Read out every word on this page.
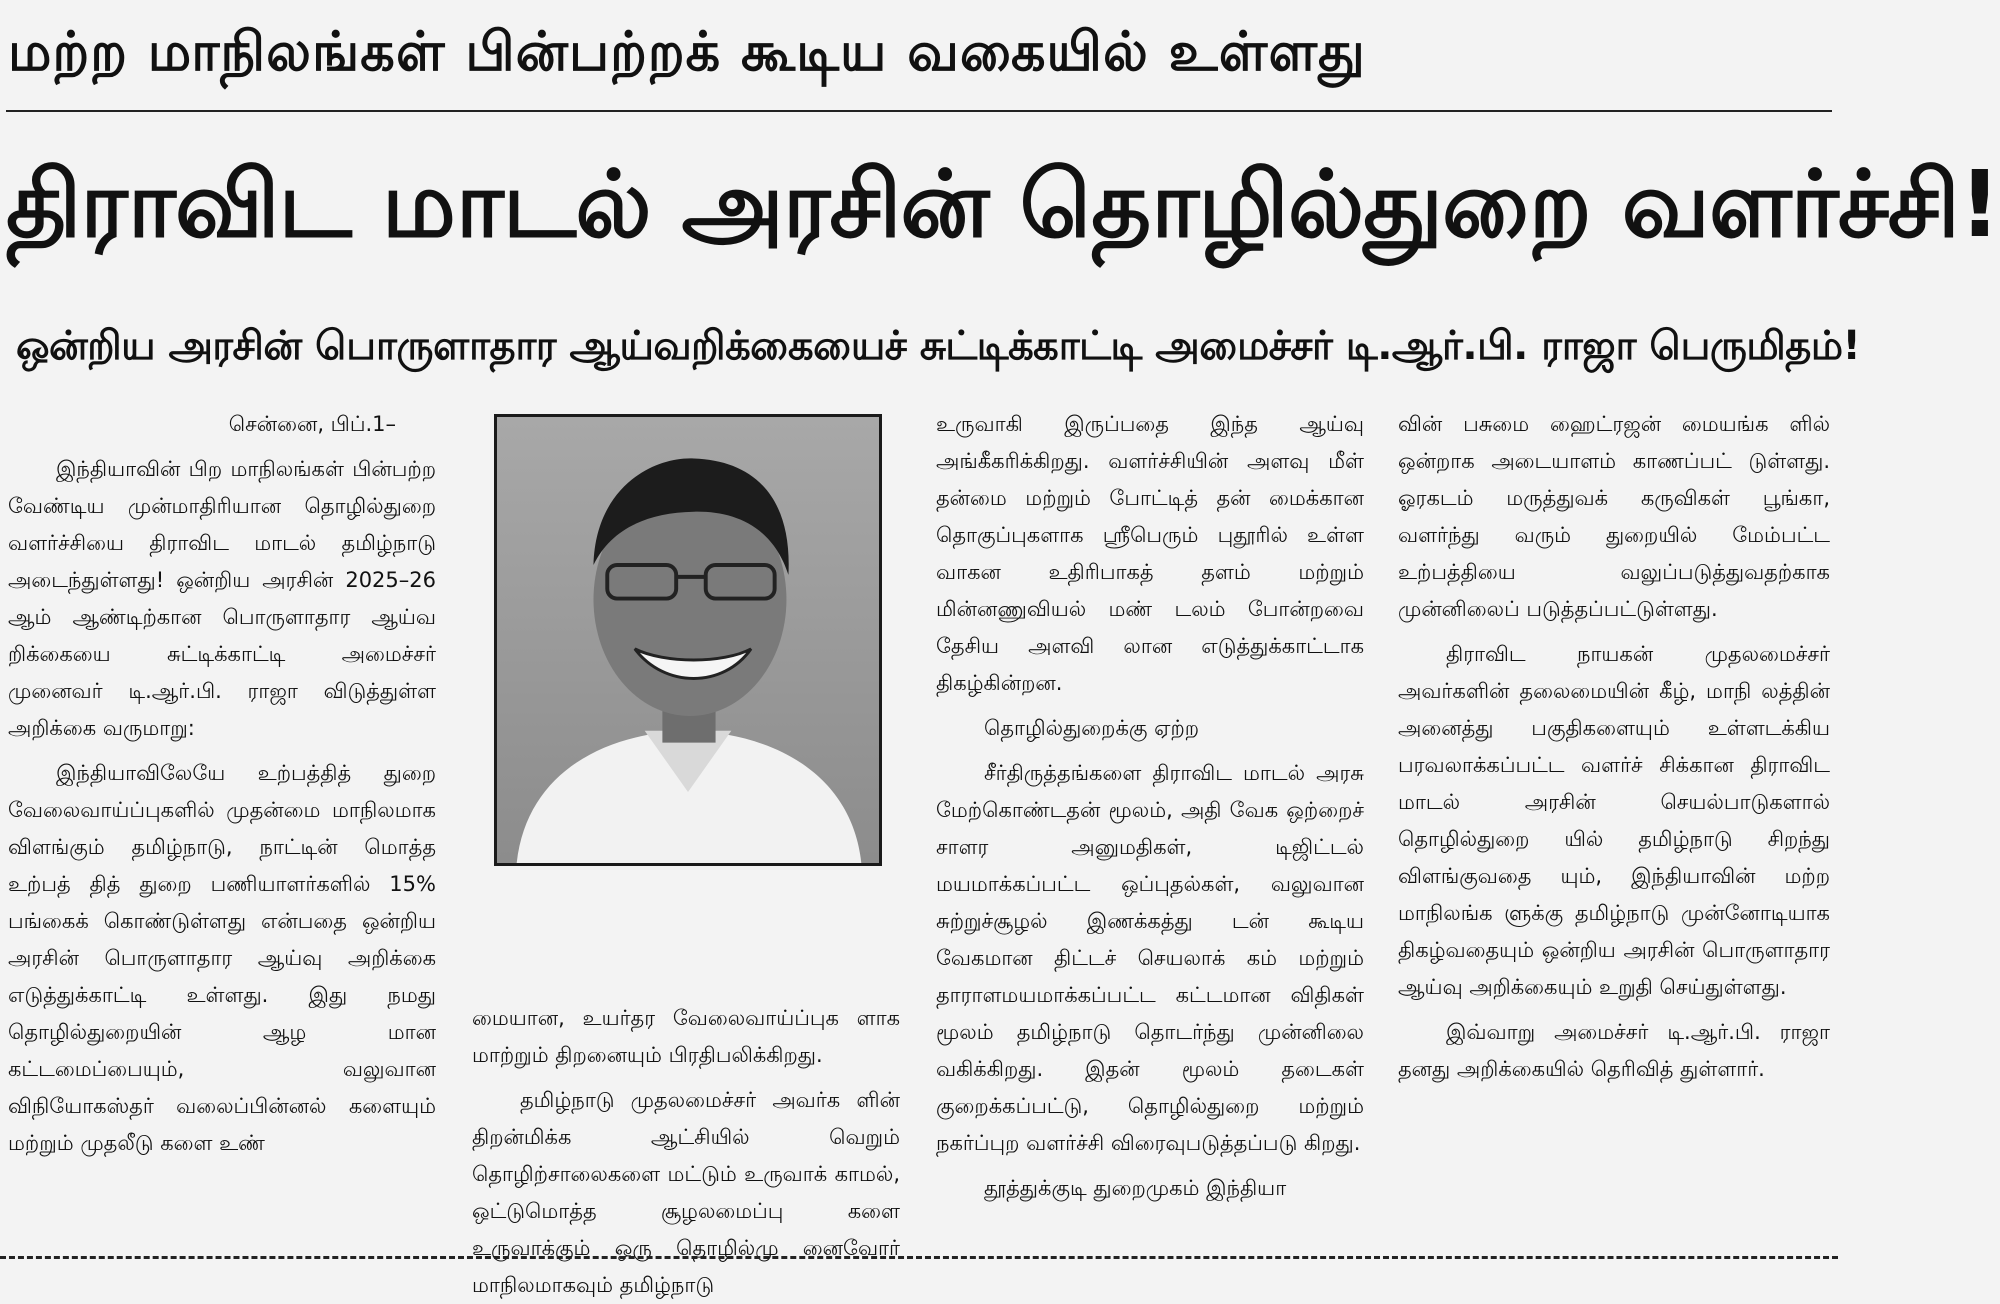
மற்ற மாநிலங்கள் பின்பற்றக் கூடிய வகையில் உள்ளது
திராவிட மாடல் அரசின் தொழில்துறை வளர்ச்சி!
ஒன்றிய அரசின் பொருளாதார ஆய்வறிக்கையைச் சுட்டிக்காட்டி அமைச்சர் டி.ஆர்.பி. ராஜா பெருமிதம்!

சென்னை, பிப்.1–

இந்தியாவின் பிற மாநிலங்கள் பின்பற்ற வேண்டிய முன்மாதிரியான தொழில்துறை வளர்ச்சியை திராவிட மாடல் தமிழ்நாடு அடைந்துள்ளது! ஒன்றிய அரசின் 2025–26 ஆம் ஆண்டிற்கான பொருளாதார ஆய்வ றிக்கையை சுட்டிக்காட்டி அமைச்சர் முனைவர் டி.ஆர்.பி. ராஜா விடுத்துள்ள அறிக்கை வருமாறு:

இந்தியாவிலேயே உற்பத்தித் துறை வேலைவாய்ப்புகளில் முதன்மை மாநிலமாக விளங்கும் தமிழ்நாடு, நாட்டின் மொத்த உற்பத் தித் துறை பணியாளர்களில் 15% பங்கைக் கொண்டுள்ளது என்பதை ஒன்றிய அரசின் பொருளாதார ஆய்வு அறிக்கை எடுத்துக்காட்டி உள்ளது. இது நமது தொழில்துறையின் ஆழ மான கட்டமைப்பையும், வலுவான விநியோகஸ்தர் வலைப்பின்னல் களையும் மற்றும் முதலீடு களை உண்

மையான, உயர்தர வேலைவாய்ப்புக ளாக மாற்றும் திறனையும் பிரதிபலிக்கிறது.

தமிழ்நாடு முதலமைச்சர் அவர்க ளின் திறன்மிக்க ஆட்சியில் வெறும் தொழிற்சாலைகளை மட்டும் உருவாக் காமல், ஒட்டுமொத்த சூழலமைப்பு களை உருவாக்கும் ஒரு தொழில்மு னைவோர் மாநிலமாகவும் தமிழ்நாடு

உருவாகி இருப்பதை இந்த ஆய்வு அங்கீகரிக்கிறது. வளர்ச்சியின் அளவு மீள் தன்மை மற்றும் போட்டித் தன் மைக்கான தொகுப்புகளாக ஸ்ரீபெரும் புதூரில் உள்ள வாகன உதிரிபாகத் தளம் மற்றும் மின்னணுவியல் மண் டலம் போன்றவை தேசிய அளவி லான எடுத்துக்காட்டாக திகழ்கின்றன.

தொழில்துறைக்கு ஏற்ற

சீர்திருத்தங்களை திராவிட மாடல் அரசு மேற்கொண்டதன் மூலம், அதி வேக ஒற்றைச் சாளர அனுமதிகள், டிஜிட்டல் மயமாக்கப்பட்ட ஒப்புதல்கள், வலுவான சுற்றுச்சூழல் இணக்கத்து டன் கூடிய வேகமான திட்டச் செயலாக் கம் மற்றும் தாராளமயமாக்கப்பட்ட கட்டமான விதிகள் மூலம் தமிழ்நாடு தொடர்ந்து முன்னிலை வகிக்கிறது. இதன் மூலம் தடைகள் குறைக்கப்பட்டு, தொழில்துறை மற்றும் நகர்ப்புற வளர்ச்சி விரைவுபடுத்தப்படு கிறது.

தூத்துக்குடி துறைமுகம் இந்தியா

வின் பசுமை ஹைட்ரஜன் மையங்க ளில் ஒன்றாக அடையாளம் காணப்பட் டுள்ளது. ஓரகடம் மருத்துவக் கருவிகள் பூங்கா, வளர்ந்து வரும் துறையில் மேம்பட்ட உற்பத்தியை வலுப்படுத்துவதற்காக முன்னிலைப் படுத்தப்பட்டுள்ளது.

திராவிட நாயகன் முதலமைச்சர் அவர்களின் தலைமையின் கீழ், மாநி லத்தின் அனைத்து பகுதிகளையும் உள்ளடக்கிய பரவலாக்கப்பட்ட வளர்ச் சிக்கான திராவிட மாடல் அரசின் செயல்பாடுகளால் தொழில்துறை யில் தமிழ்நாடு சிறந்து விளங்குவதை யும், இந்தியாவின் மற்ற மாநிலங்க ளுக்கு தமிழ்நாடு முன்னோடியாக திகழ்வதையும் ஒன்றிய அரசின் பொருளாதார ஆய்வு அறிக்கையும் உறுதி செய்துள்ளது.

இவ்வாறு அமைச்சர் டி.ஆர்.பி. ராஜா தனது அறிக்கையில் தெரிவித் துள்ளார்.
